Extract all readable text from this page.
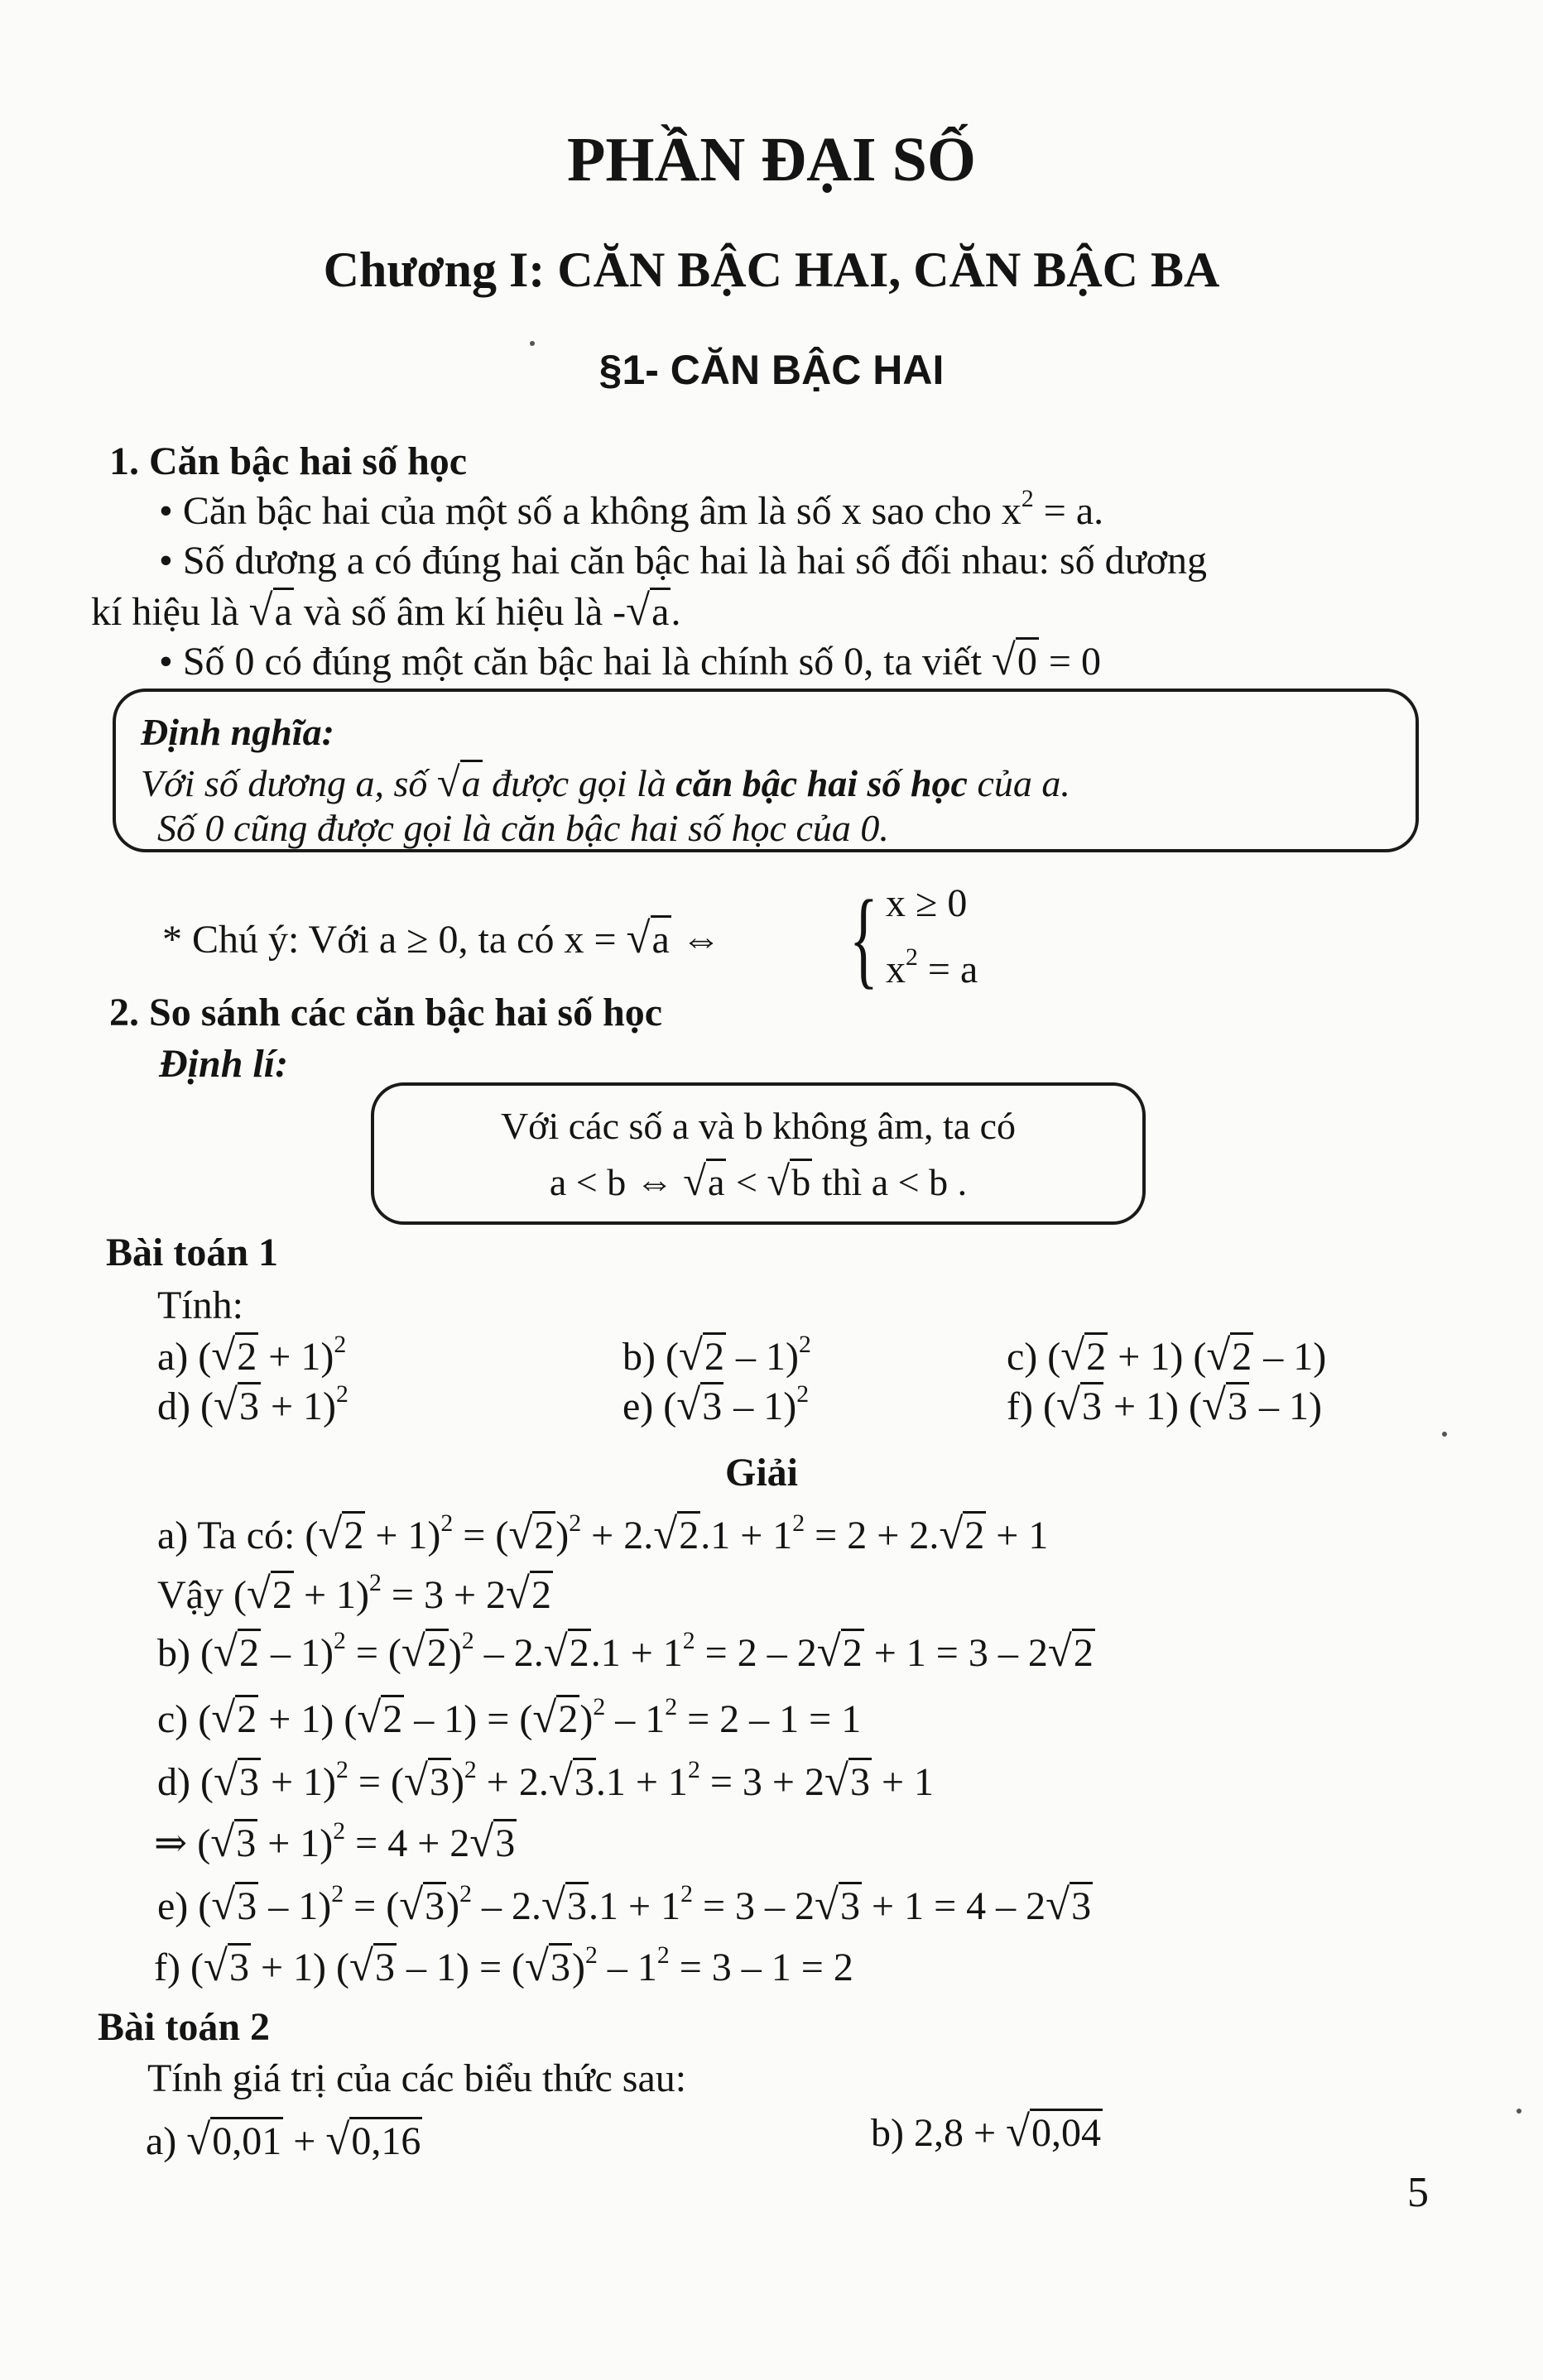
PHẦN ĐẠI SỐ
Chương I: CĂN BẬC HAI, CĂN BẬC BA
§1- CĂN BẬC HAI
1. Căn bậc hai số học
• Căn bậc hai của một số a không âm là số x sao cho $x^2 = a$.
• Số dương a có đúng hai căn bậc hai là hai số đối nhau: số dương
kí hiệu là √a và số âm kí hiệu là -√a.
• Số 0 có đúng một căn bậc hai là chính số 0, ta viết √0 = 0
Định nghĩa:
Với số dương a, số √a được gọi là căn bậc hai số học của a.
Số 0 cũng được gọi là căn bậc hai số học của 0.
* Chú ý: Với a ≥ 0, ta có x = √a ⇔ { x ≥ 0
$x^2 = a$
2. So sánh các căn bậc hai số học
Định lí:
Với các số a và b không âm, ta có
a < b ⇔ √a < √b thì a < b .
Bài toán 1
Tính:
a) $(√2 + 1)^2$	b) (√2 – 1)$^2$	c) (√2 + 1) (√2 – 1)
d) $(√3 + 1)^2$	e) (√3 – 1)$^2$	f) (√3 + 1) (√3 – 1)
Giải
a) Ta có: $(√2 + 1)^2 = (√2)^2 + 2.√2.1 + 1^2 = 2 + 2.√2 + 1$
Vậy $(√2 + 1)^2 = 3 + 2√2$
b) $(√2 - 1)^2 = (√2)^2 - 2.√2.1 + 1^2 = 2 - 2√2 + 1 = 3 - 2√2$
c) (√2 + 1) $(√2 - 1) = (√2)^2 - 1^2 = 2 - 1 = 1$
d) $(√3 + 1)^2 = (√3)^2 + 2.√3.1 + 1^2 = 3 + 2√3 + 1$
⇒ $(√3 + 1)^2 = 4 + 2√3$
e) $(√3 - 1)^2 = (√3)^2 - 2.√3.1 + 1^2 = 3 - 2√3 + 1 = 4 - 2√3$
f) (√3 + 1) $(√3 - 1) = (√3)^2 - 1^2 = 3 - 1 = 2$
Bài toán 2
Tính giá trị của các biểu thức sau:
a) √0,01 + √0,16	b) 2,8 + √0,04
5
